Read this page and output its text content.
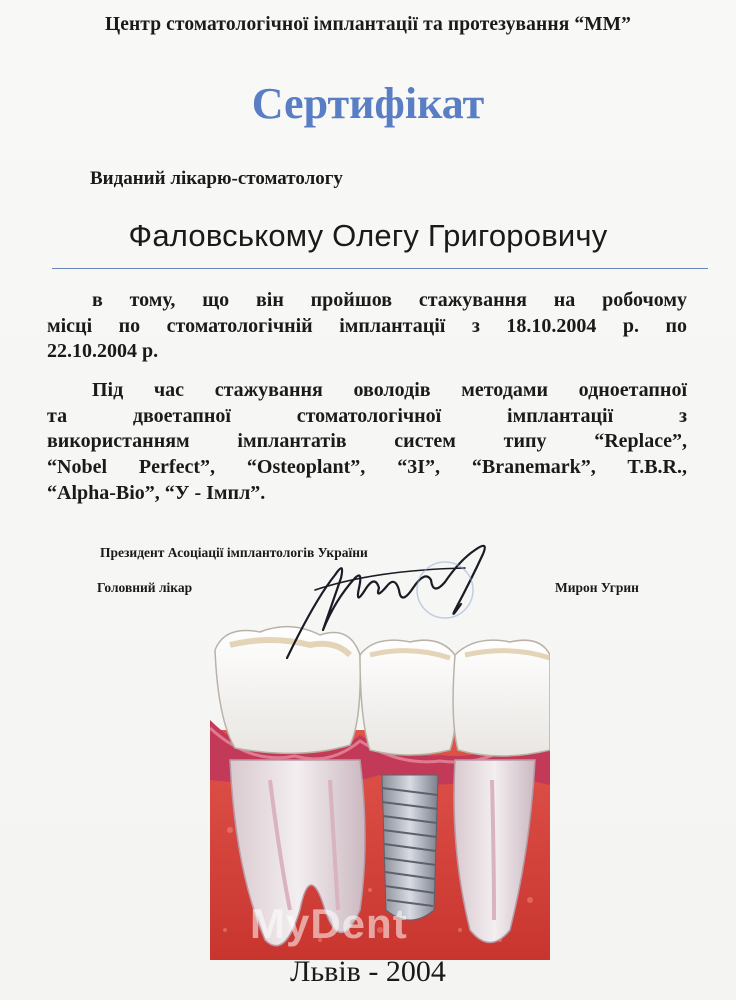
Центр стоматологічної імплантації та протезування “ММ”
Сертифікат
Виданий лікарю-стоматологу
Фаловському Олегу Григоровичу
в тому, що він пройшов стажування на робочому
місці по стоматологічній імплантації з 18.10.2004 р. по
22.10.2004 р.
Під час стажування оволодів методами одноетапної
та двоетапної стоматологічної імплантації з
використанням імплантатів систем типу “Replace”,
“Nobel Perfect”, “Osteoplant”, “3I”, “Branemark”, T.B.R.,
“Alpha-Bio”, “У - Імпл”.
MyDent
Президент Асоціації імплантологів України
Головний лікар	Мирон Угрин
Львів - 2004
